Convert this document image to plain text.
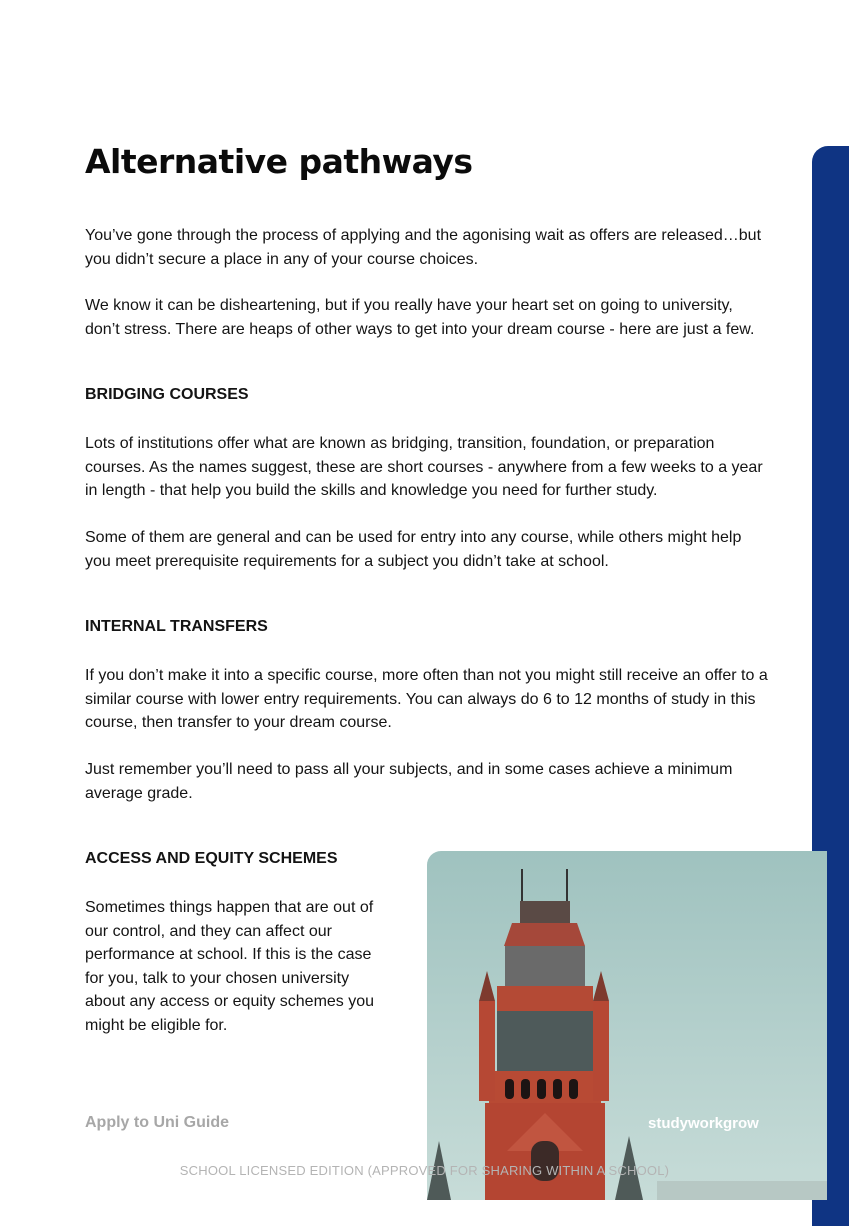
Alternative pathways

You’ve gone through the process of applying and the agonising wait as offers are released…but you didn’t secure a place in any of your course choices.

We know it can be disheartening, but if you really have your heart set on going to university, don’t stress. There are heaps of other ways to get into your dream course - here are just a few.

BRIDGING COURSES

Lots of institutions offer what are known as bridging, transition, foundation, or preparation courses. As the names suggest, these are short courses - anywhere from a few weeks to a year in length - that help you build the skills and knowledge you need for further study.

Some of them are general and can be used for entry into any course, while others might help you meet prerequisite requirements for a subject you didn’t take at school.

INTERNAL TRANSFERS

If you don’t make it into a specific course, more often than not you might still receive an offer to a similar course with lower entry requirements. You can always do 6 to 12 months of study in this course, then transfer to your dream course.

Just remember you’ll need to pass all your subjects, and in some cases achieve a minimum average grade.

ACCESS AND EQUITY SCHEMES

Sometimes things happen that are out of our control, and they can affect our performance at school. If this is the case for you, talk to your chosen university about any access or equity schemes you might be eligible for.

Apply to Uni Guide	studyworkgrow
SCHOOL LICENSED EDITION (APPROVED FOR SHARING WITHIN A SCHOOL)
